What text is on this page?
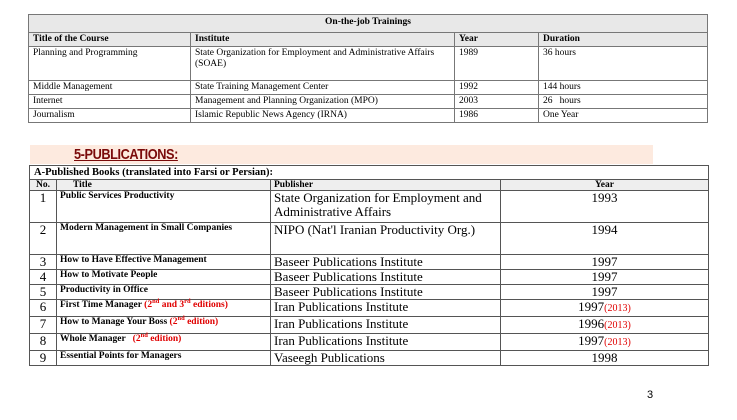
On-the-job Trainings			
Title of the Course	Institute	Year	Duration
Planning and Programming	State Organization for Employment and Administrative Affairs (SOAE)	1989	36 hours
Middle Management	State Training Management Center	1992	144 hours
Internet	Management and Planning Organization (MPO)	2003	26   hours
Journalism	Islamic Republic News Agency (IRNA)	1986	One Year
5-PUBLICATIONS:
A-Published Books (translated into Farsi or Persian):			
No.	Title	Publisher	Year
1	Public Services Productivity	State Organization for Employment and Administrative Affairs	1993
2	Modern Management in Small Companies	NIPO (Nat'l Iranian Productivity Org.)	1994
3	How to Have Effective Management	Baseer Publications Institute	1997
4	How to Motivate People	Baseer Publications Institute	1997
5	Productivity in Office	Baseer Publications Institute	1997
6	First Time Manager (2nd and 3rd editions)	Iran Publications Institute	1997(2013)
7	How to Manage Your Boss (2nd edition)	Iran Publications Institute	1996(2013)
8	Whole Manager (2nd edition)	Iran Publications Institute	1997(2013)
9	Essential Points for Managers	Vaseegh Publications	1998
3
